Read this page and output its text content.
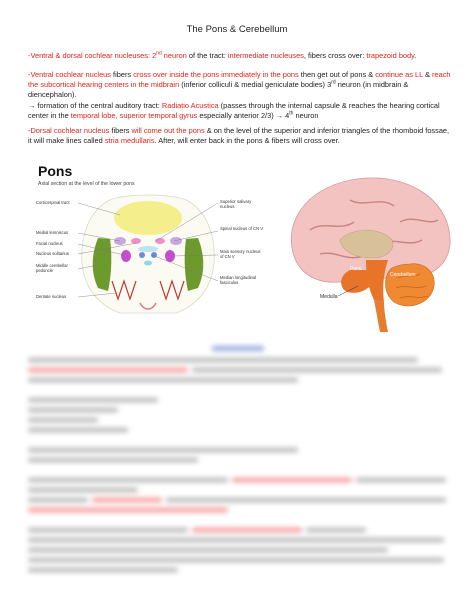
The Pons & Cerebellum
-Ventral & dorsal cochlear nucleuses: 2nd neuron of the tract: intermediate nucleuses, fibers cross over: trapezoid body.
-Ventral cochlear nucleus fibers cross over inside the pons immediately in the pons then get out of pons & continue as LL & reach the subcortical hearing centers in the midbrain (inferior colliculi & medial geniculate bodies) 3rd neuron (in midbrain & diencephalon).
→ formation of the central auditory tract: Radiatio Acustica (passes through the internal capsule & reaches the hearing cortical center in the temporal lobe, superior temporal gyrus especially anterior 2/3) → 4th neuron
-Dorsal cochlear nucleus fibers will come out the pons & on the level of the superior and inferior triangles of the rhomboid fossae, it will make lines called stria medullaris. After, will enter back in the pons & fibers will cross over.
Pons
Axial section at the level of the lower pons
Corticospinal tract
Medial lemniscus
Facial nucleus
Nucleus solitarius
Middle cerebellar peduncle
Dentate nucleus
Superior salivary nucleus
Spinal nucleus of CN V
Main sensory nucleus of CN V
Median longitudinal fasciculus
Pons
Cerebellum
Medulla
Spinal
